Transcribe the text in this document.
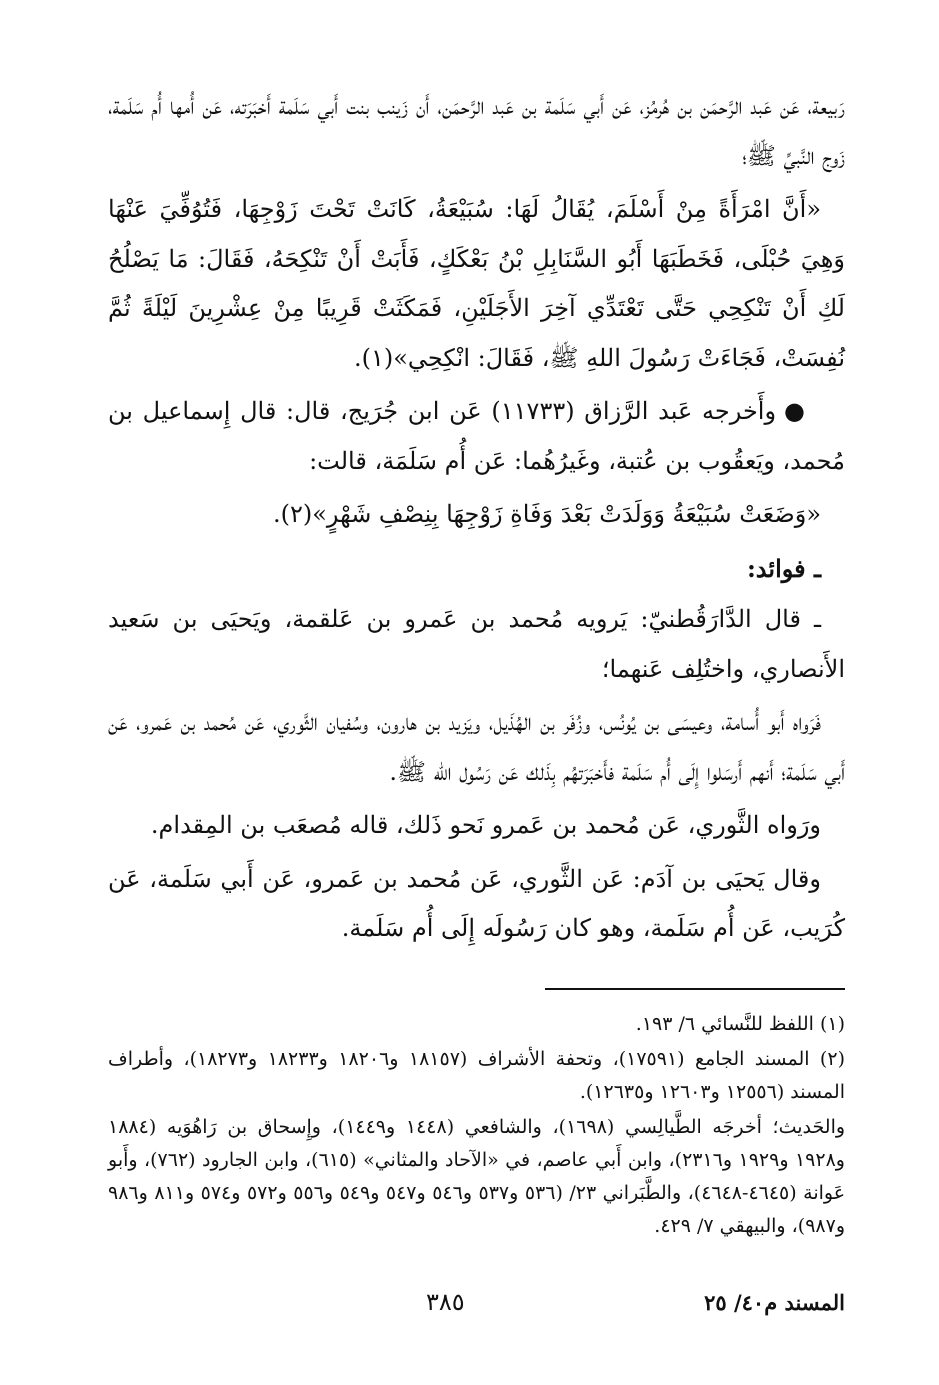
رَبيعة، عَن عَبد الرَّحمَن بن هُرمُز، عَن أَبي سَلَمة بن عَبد الرَّحمَن، أَن زَينب بنت أَبي سَلَمة أَخبَرَته، عَن أُمها أُم سَلَمة، زَوج النَّبيِّ ﷺ؛

«أَنَّ امْرَأَةً مِنْ أَسْلَمَ، يُقَالُ لَهَا: سُبَيْعَةُ، كَانَتْ تَحْتَ زَوْجِهَا، فَتُوُفِّيَ عَنْهَا وَهِيَ حُبْلَى، فَخَطَبَهَا أَبُو السَّنَابِلِ بْنُ بَعْكَكٍ، فَأَبَتْ أَنْ تَنْكِحَهُ، فَقَالَ: مَا يَصْلُحُ لَكِ أَنْ تَنْكِحِي حَتَّى تَعْتَدِّي آخِرَ الأَجَلَيْنِ، فَمَكَثَتْ قَرِيبًا مِنْ عِشْرِينَ لَيْلَةً ثُمَّ نُفِسَتْ، فَجَاءَتْ رَسُولَ اللهِ ﷺ، فَقَالَ: انْكِحِي»(١).

●وأَخرجه عَبد الرَّزاق (١١٧٣٣) عَن ابن جُرَيج، قال: قال إِسماعيل بن مُحمد، ويَعقُوب بن عُتبة، وغَيرُهُما: عَن أُم سَلَمَة، قالت:

«وَضَعَتْ سُبَيْعَةُ وَوَلَدَتْ بَعْدَ وَفَاةِ زَوْجِهَا بِنِصْفِ شَهْرٍ»(٢).

ـ فوائد:

ـ قال الدَّارَقُطنيّ: يَرويه مُحمد بن عَمرو بن عَلقمة، ويَحيَى بن سَعيد الأَنصاري، واختُلِف عَنهما؛

فَرَواه أَبو أُسامة، وعيسَى بن يُونُس، وزُفَر بن الهُذَيل، ويَزيد بن هارون، وسُفيان الثَّوري، عَن مُحمد بن عَمرو، عَن أَبي سَلَمة؛ أَنهم أَرسَلوا إِلَى أُم سَلَمة فأَخبَرَتهُم بِذَلك عَن رَسُول الله ﷺ.

ورَواه الثَّوري، عَن مُحمد بن عَمرو نَحو ذَلك، قاله مُصعَب بن المِقدام.

وقال يَحيَى بن آدَم: عَن الثَّوري، عَن مُحمد بن عَمرو، عَن أَبي سَلَمة، عَن كُرَيب، عَن أُم سَلَمة، وهو كان رَسُولَه إِلَى أُم سَلَمة.

(١) اللفظ للنَّسائي ٦/ ١٩٣.

(٢) المسند الجامع (١٧٥٩١)، وتحفة الأشراف (١٨١٥٧ و١٨٢٠٦ و١٨٢٣٣ و١٨٢٧٣)، وأطراف المسند (١٢٥٥٦ و١٢٦٠٣ و١٢٦٣٥).

والحَديث؛ أخرجَه الطَّيالِسي (١٦٩٨)، والشافعي (١٤٤٨ و١٤٤٩)، وإِسحاق بن رَاهُوَيه (١٨٨٤ و١٩٢٨ و١٩٢٩ و٢٣١٦)، وابن أَبي عاصم، في «الآحاد والمثاني» (٦١٥)، وابن الجارود (٧٦٢)، وأَبو عَوانة (٤٦٤٥-٤٦٤٨)، والطَّبَراني ٢٣/ (٥٣٦ و٥٣٧ و٥٤٦ و٥٤٧ و٥٤٩ و٥٥٦ و٥٧٢ و٥٧٤ و٨١١ و٩٨٦ و٩٨٧)، والبيهقي ٧/ ٤٢٩.

٣٨٥	المسند م٤٠/ ٢٥
